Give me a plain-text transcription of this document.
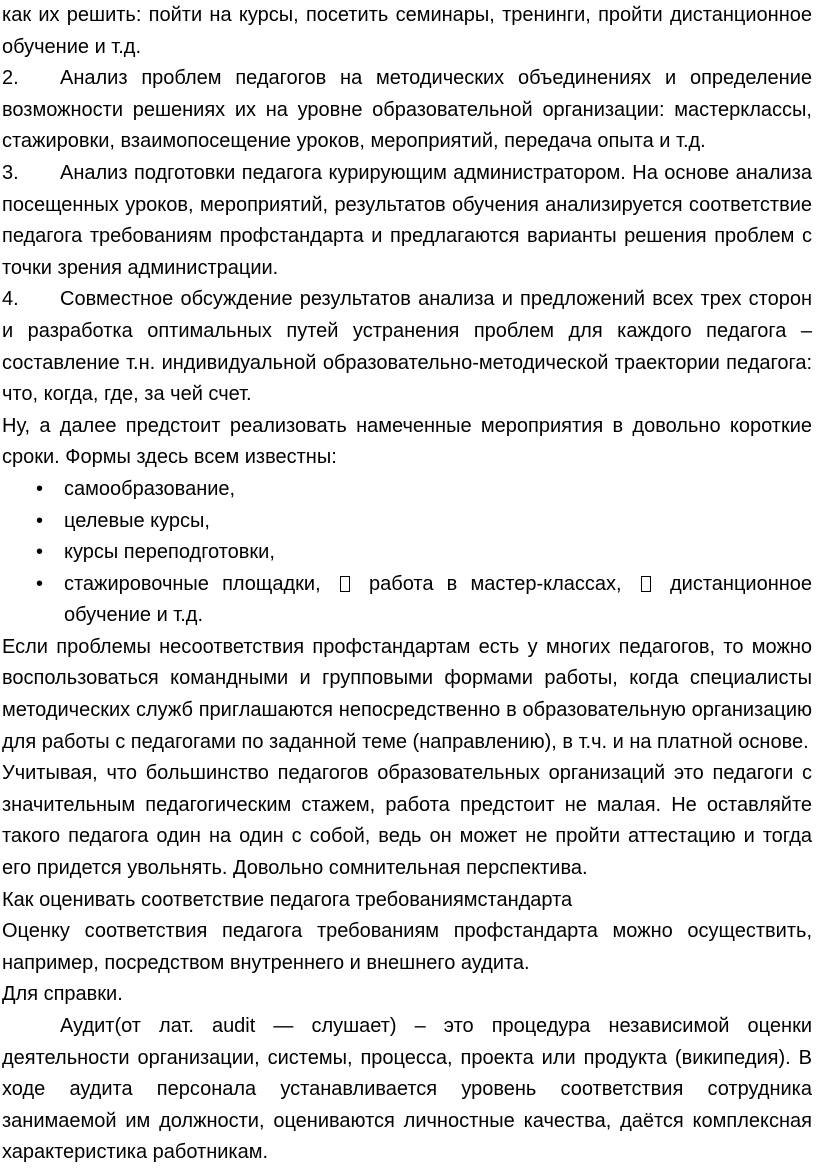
как их решить: пойти на курсы, посетить семинары, тренинги, пройти дистанционное обучение и т.д.

2. Анализ проблем педагогов на методических объединениях и определение возможности решениях их на уровне образовательной организации: мастерклассы, стажировки, взаимопосещение уроков, мероприятий, передача опыта и т.д.

3. Анализ подготовки педагога курирующим администратором. На основе анализа посещенных уроков, мероприятий, результатов обучения анализируется соответствие педагога требованиям профстандарта и предлагаются варианты решения проблем с точки зрения администрации.

4. Совместное обсуждение результатов анализа и предложений всех трех сторон и разработка оптимальных путей устранения проблем для каждого педагога – составление т.н. индивидуальной образовательно-методической траектории педагога: что, когда, где, за чей счет.

Ну, а далее предстоит реализовать намеченные мероприятия в довольно короткие сроки. Формы здесь всем известны:

•	самообразование,
•	целевые курсы,
•	курсы переподготовки,
•	стажировочные площадки, работа в мастер-классах, дистанционное обучение и т.д.

Если проблемы несоответствия профстандартам есть у многих педагогов, то можно воспользоваться командными и групповыми формами работы, когда специалисты методических служб приглашаются непосредственно в образовательную организацию для работы с педагогами по заданной теме (направлению), в т.ч. и на платной основе.

Учитывая, что большинство педагогов образовательных организаций это педагоги с значительным педагогическим стажем, работа предстоит не малая. Не оставляйте такого педагога один на один с собой, ведь он может не пройти аттестацию и тогда его придется увольнять. Довольно сомнительная перспектива.

Как оценивать соответствие педагога требованиямстандарта

Оценку соответствия педагога требованиям профстандарта можно осуществить, например, посредством внутреннего и внешнего аудита.

Для справки.

Аудит(от лат. audit — слушает) – это процедура независимой оценки деятельности организации, системы, процесса, проекта или продукта (википедия). В ходе аудита персонала устанавливается уровень соответствия сотрудника занимаемой им должности, оцениваются личностные качества, даётся комплексная характеристика работникам.
